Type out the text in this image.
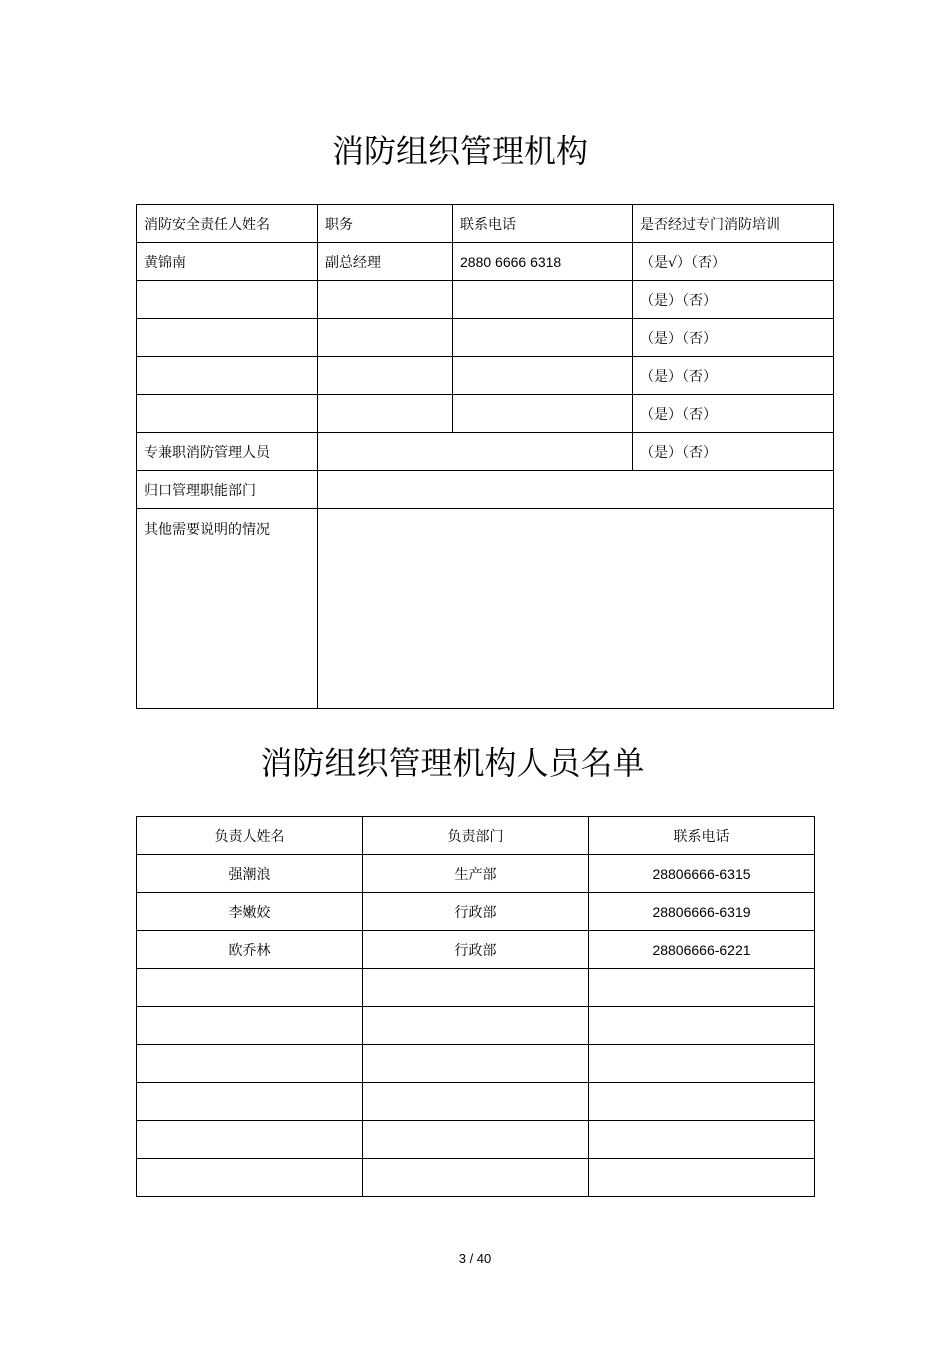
消防组织管理机构
消防安全责任人姓名	职务	联系电话	是否经过专门消防培训
黄锦南	副总经理	2880 6666 6318	（是√）（否）
			（是）（否）
			（是）（否）
			（是）（否）
			（是）（否）
专兼职消防管理人员			（是）（否）
归口管理职能部门			
其他需要说明的情况			
消防组织管理机构人员名单
负责人姓名	负责部门	联系电话
强潮浪	生产部	28806666-6315
李嫩姣	行政部	28806666-6319
欧乔林	行政部	28806666-6221

3 / 40
